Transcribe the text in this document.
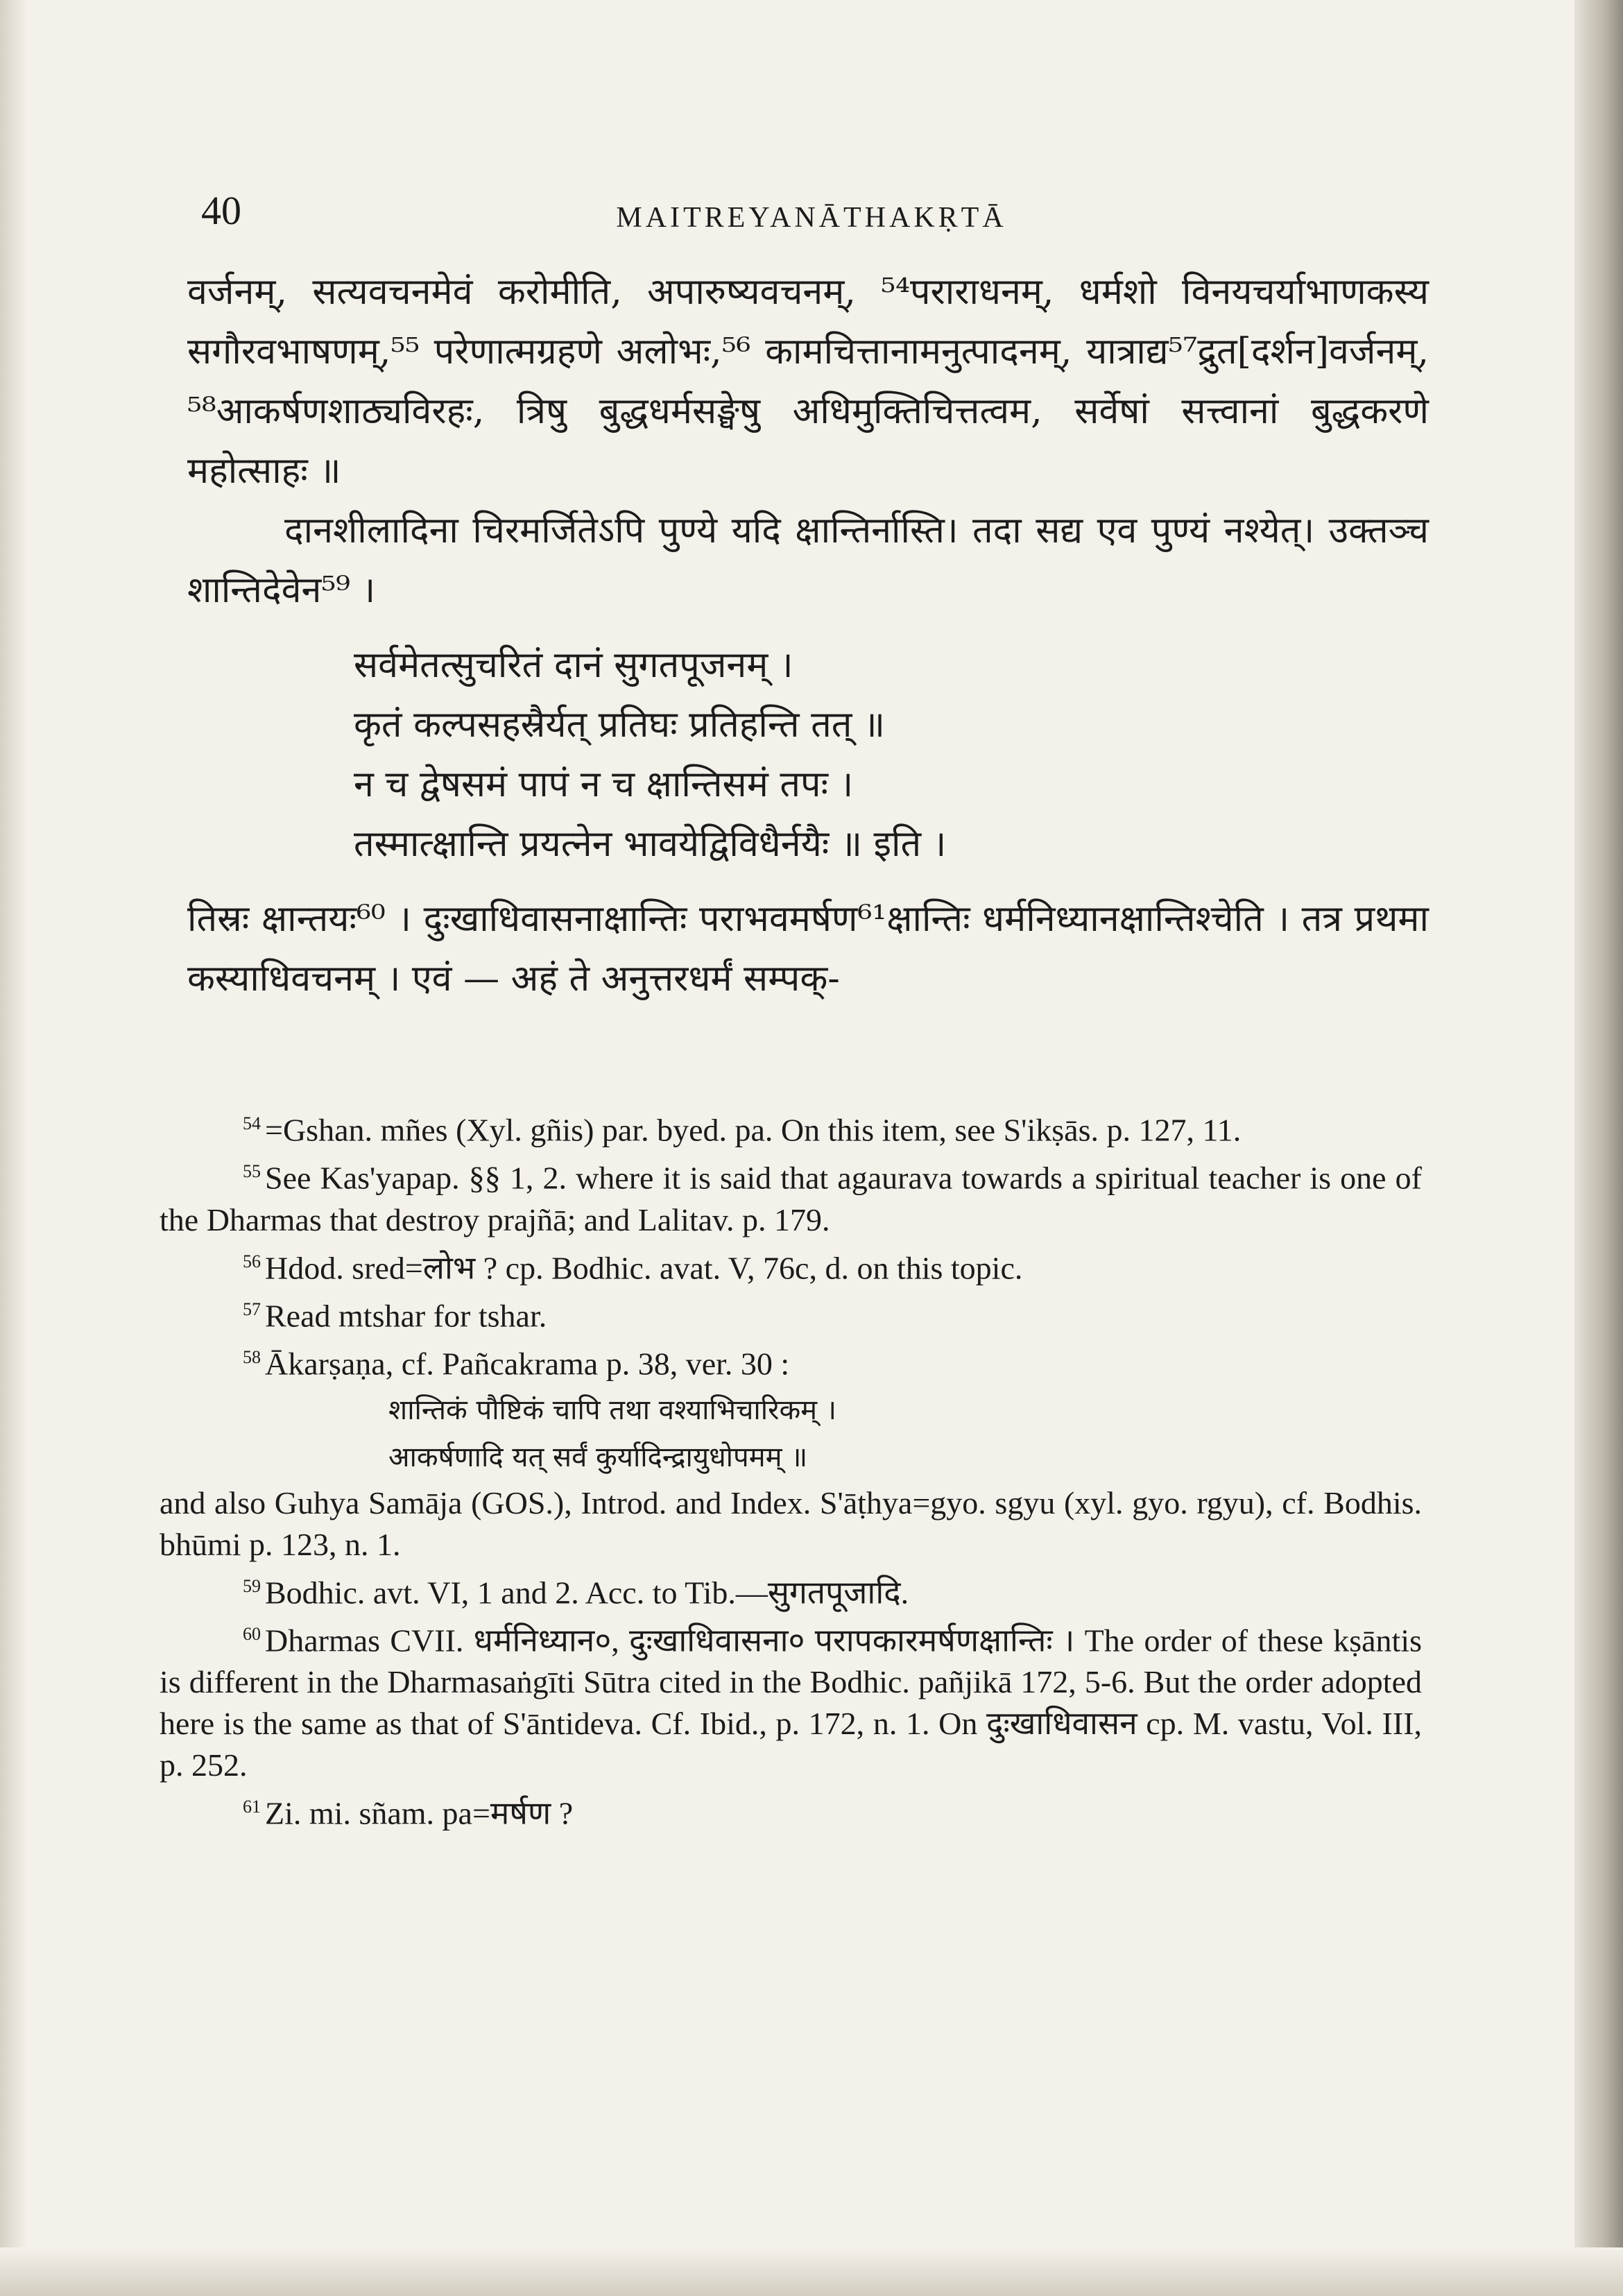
40	MAITREYANĀTHAKṚTĀ

वर्जनम्, सत्यवचनमेवं करोमीति, अपारुष्यवचनम्, ⁵⁴पराराधनम्, धर्मशो विनयचर्याभाणकस्य सगौरवभाषणम्,⁵⁵ परेणात्मग्रहणे अलोभः,⁵⁶ कामचित्तानामनुत्पादनम्, यात्राद्य⁵⁷द्रुत[दर्शन]वर्जनम्, ⁵⁸आकर्षणशाठ्यविरहः, त्रिषु बुद्धधर्मसङ्घेषु अधिमुक्तिचित्तत्वम, सर्वेषां सत्त्वानां बुद्धकरणे महोत्साहः ॥

दानशीलादिना चिरमर्जितेऽपि पुण्ये यदि क्षान्तिर्नास्ति। तदा सद्य एव पुण्यं नश्येत्। उक्तञ्च शान्तिदेवेन⁵⁹ ।

सर्वमेतत्सुचरितं दानं सुगतपूजनम् ।
कृतं कल्पसहस्रैर्यत् प्रतिघः प्रतिहन्ति तत् ॥
न च द्वेषसमं पापं न च क्षान्तिसमं तपः ।
तस्मात्क्षान्ति प्रयत्नेन भावयेद्विविधैर्नयैः ॥ इति ।

तिस्रः क्षान्तयः⁶⁰ । दुःखाधिवासनाक्षान्तिः पराभवमर्षण⁶¹क्षान्तिः धर्मनिध्यानक्षान्तिश्चेति । तत्र प्रथमा कस्याधिवचनम् । एवं — अहं ते अनुत्तरधर्मं सम्पक्-

$^{54}$ =Gshan. mñes (Xyl. gñis) par. byed. pa. On this item, see S'ikṣās. p. 127, 11.

$^{55}$ See Kas'yapap. §§ 1, 2. where it is said that agaurava towards a spiritual teacher is one of the Dharmas that destroy prajñā; and Lalitav. p. 179.

$^{56}$ Hdod. sred=लोभ ? cp. Bodhic. avat. V, 76c, d. on this topic.

$^{57}$ Read mtshar for tshar.

$^{58}$ Ākarṣaṇa, cf. Pañcakrama p. 38, ver. 30 :

शान्तिकं पौष्टिकं चापि तथा वश्याभिचारिकम् ।
आकर्षणादि यत् सर्वं कुर्यादिन्द्रायुधोपमम् ॥

and also Guhya Samāja (GOS.), Introd. and Index. S'āṭhya=gyo. sgyu (xyl. gyo. rgyu), cf. Bodhis. bhūmi p. 123, n. 1.

$^{59}$ Bodhic. avt. VI, 1 and 2. Acc. to Tib.—सुगतपूजादि.

$^{60}$ Dharmas CVII. धर्मनिध्यान०, दुःखाधिवासना० परापकारमर्षणक्षान्तिः । The order of these kṣāntis is different in the Dharmasaṅgīti Sūtra cited in the Bodhic. pañjikā 172, 5-6. But the order adopted here is the same as that of S'āntideva. Cf. Ibid., p. 172, n. 1. On दुःखाधिवासन cp. M. vastu, Vol. III, p. 252.

$^{61}$ Zi. mi. sñam. pa=मर्षण ?
